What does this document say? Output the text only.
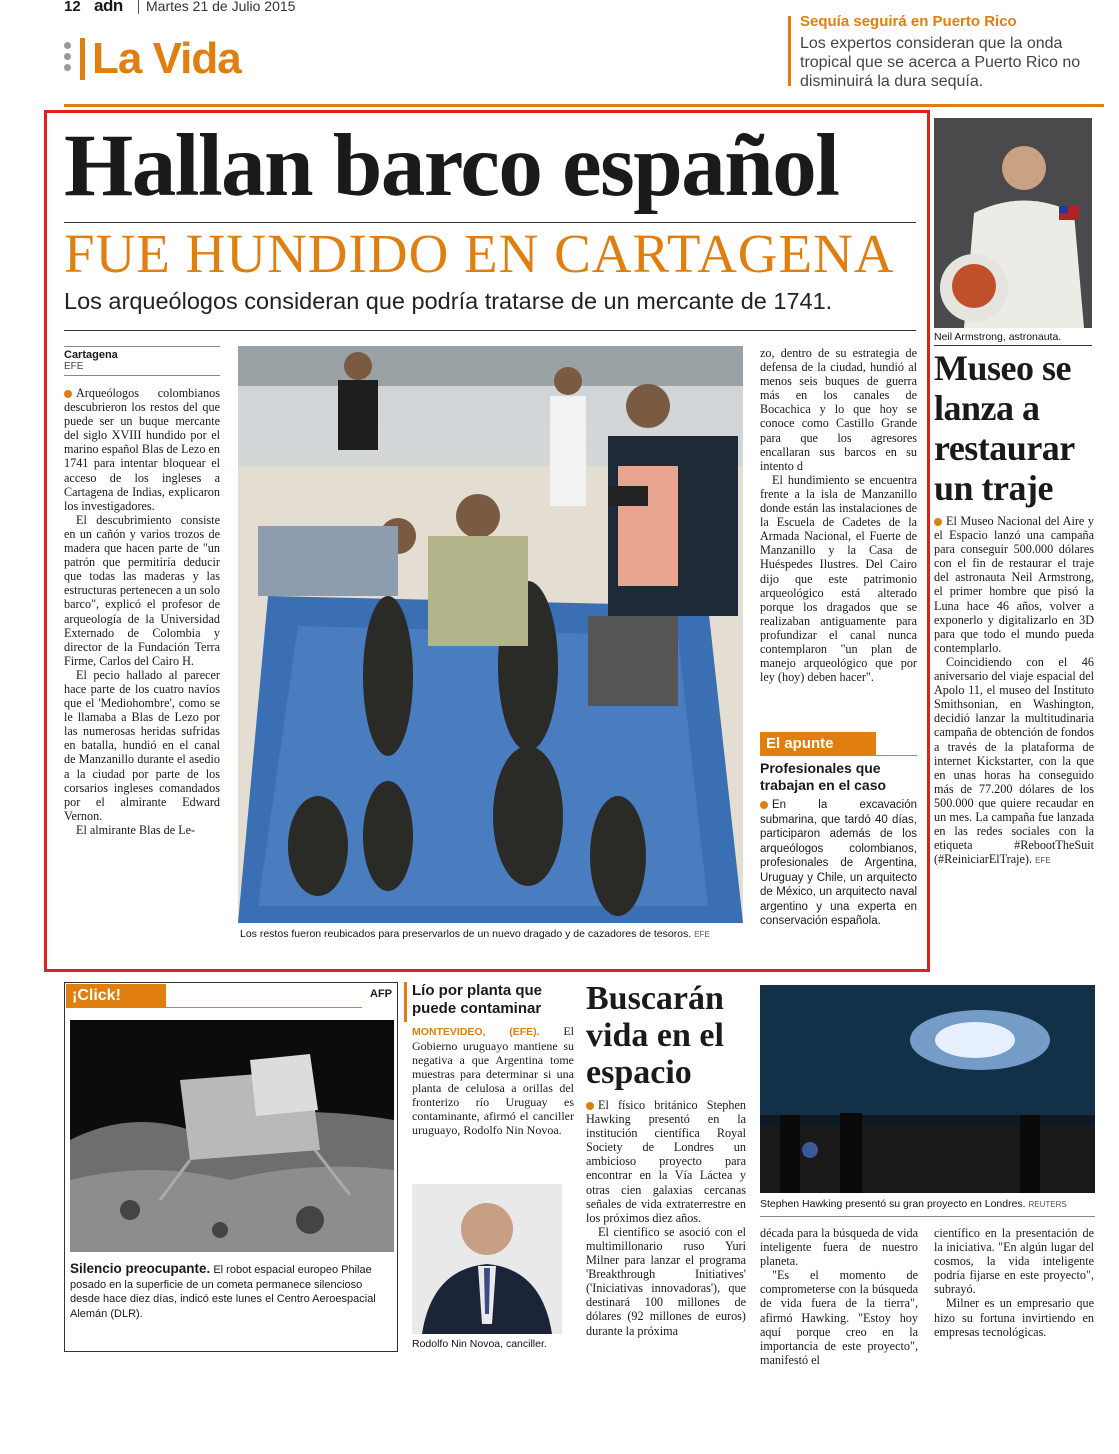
12 adn Martes 21 de Julio 2015
La Vida
Sequía seguirá en Puerto Rico
Los expertos consideran que la onda tropical que se acerca a Puerto Rico no disminuirá la dura sequía.
Hallan barco español
FUE HUNDIDO EN CARTAGENA
Los arqueólogos consideran que podría tratarse de un mercante de 1741.
Cartagena
EFE

Arqueólogos colombianos descubrieron los restos del que puede ser un buque mercante del siglo XVIII hundido por el marino español Blas de Lezo en 1741 para intentar bloquear el acceso de los ingleses a Cartagena de Indias, explicaron los investigadores.

El descubrimiento consiste en un cañón y varios trozos de madera que hacen parte de "un patrón que permitiría deducir que todas las maderas y las estructuras pertenecen a un solo barco", explicó el profesor de arqueología de la Universidad Externado de Colombia y director de la Fundación Terra Firme, Carlos del Cairo H.

El pecio hallado al parecer hace parte de los cuatro navíos que el 'Mediohombre', como se le llamaba a Blas de Lezo por las numerosas heridas sufridas en batalla, hundió en el canal de Manzanillo durante el asedio a la ciudad por parte de los corsarios ingleses comandados por el almirante Edward Vernon.

El almirante Blas de Le-

Los restos fueron reubicados para preservarlos de un nuevo dragado y de cazadores de tesoros. EFE

zo, dentro de su estrategia de defensa de la ciudad, hundió al menos seis buques de guerra más en los canales de Bocachica y lo que hoy se conoce como Castillo Grande para que los agresores encallaran sus barcos en su intento d

El hundimiento se encuentra frente a la isla de Manzanillo donde están las instalaciones de la Escuela de Cadetes de la Armada Nacional, el Fuerte de Manzanillo y la Casa de Huéspedes Ilustres. Del Cairo dijo que este patrimonio arqueológico está alterado porque los dragados que se realizaban antiguamente para profundizar el canal nunca contemplaron "un plan de manejo arqueológico que por ley (hoy) deben hacer".

El apunte
Profesionales que trabajan en el caso
En la excavación submarina, que tardó 40 días, participaron además de los arqueólogos colombianos, profesionales de Argentina, Uruguay y Chile, un arquitecto de México, un arquitecto naval argentino y una experta en conservación española.
Neil Armstrong, astronauta.
Museo se lanza a restaurar un traje

El Museo Nacional del Aire y el Espacio lanzó una campaña para conseguir 500.000 dólares con el fin de restaurar el traje del astronauta Neil Armstrong, el primer hombre que pisó la Luna hace 46 años, volver a exponerlo y digitalizarlo en 3D para que todo el mundo pueda contemplarlo.

Coincidiendo con el 46 aniversario del viaje espacial del Apolo 11, el museo del Instituto Smithsonian, en Washington, decidió lanzar la multitudinaria campaña de obtención de fondos a través de la plataforma de internet Kickstarter, con la que en unas horas ha conseguido más de 77.200 dólares de los 500.000 que quiere recaudar en un mes. La campaña fue lanzada en las redes sociales con la etiqueta #RebootTheSuit (#ReiniciarElTraje). EFE

¡Click!	AFP
Silencio preocupante. El robot espacial europeo Philae posado en la superficie de un cometa permanece silencioso desde hace diez días, indicó este lunes el Centro Aeroespacial Alemán (DLR).
Lío por planta que puede contaminar

MONTEVIDEO, (EFE). El Gobierno uruguayo mantiene su negativa a que Argentina tome muestras para determinar si una planta de celulosa a orillas del fronterizo río Uruguay es contaminante, afirmó el canciller uruguayo, Rodolfo Nin Novoa.

Rodolfo Nin Novoa, canciller.
Buscarán vida en el espacio

El físico británico Stephen Hawking presentó en la institución científica Royal Society de Londres un ambicioso proyecto para encontrar en la Vía Láctea y otras cien galaxias cercanas señales de vida extraterrestre en los próximos diez años.

El científico se asoció con el multimillonario ruso Yuri Milner para lanzar el programa 'Breakthrough Initiatives' ('Iniciativas innovadoras'), que destinará 100 millones de dólares (92 millones de euros) durante la próxima

Stephen Hawking presentó su gran proyecto en Londres. REUTERS

década para la búsqueda de vida inteligente fuera de nuestro planeta.

"Es el momento de comprometerse con la búsqueda de vida fuera de la tierra", afirmó Hawking. "Estoy hoy aquí porque creo en la importancia de este proyecto", manifestó el

científico en la presentación de la iniciativa. "En algún lugar del cosmos, la vida inteligente podría fijarse en este proyecto", subrayó.

Milner es un empresario que hizo su fortuna invirtiendo en empresas tecnológicas.
